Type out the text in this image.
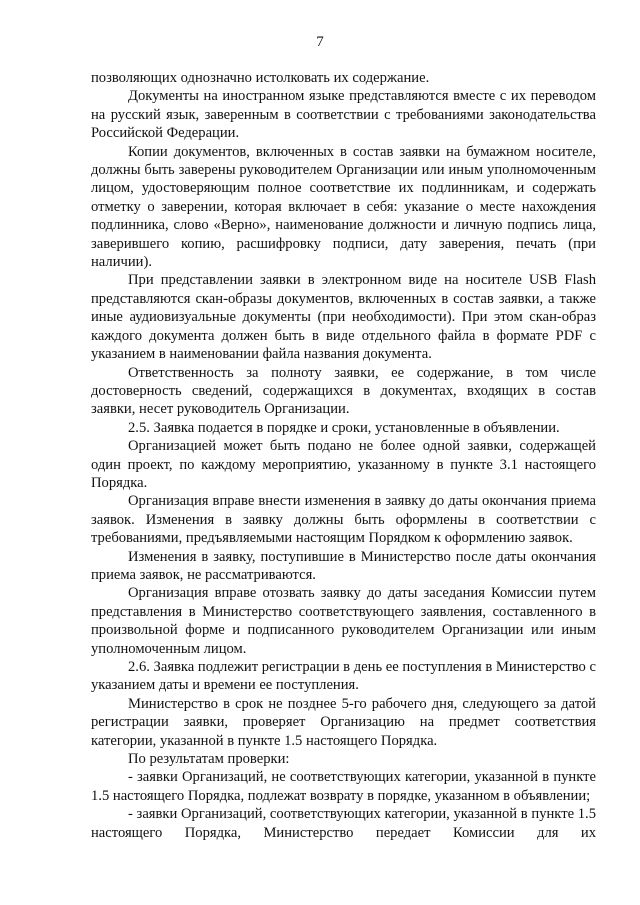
7

позволяющих однозначно истолковать их содержание.

Документы на иностранном языке представляются вместе с их переводом на русский язык, заверенным в соответствии с требованиями законодательства Российской Федерации.

Копии документов, включенных в состав заявки на бумажном носителе, должны быть заверены руководителем Организации или иным уполномоченным лицом, удостоверяющим полное соответствие их подлинникам, и содержать отметку о заверении, которая включает в себя: указание о месте нахождения подлинника, слово «Верно», наименование должности и личную подпись лица, заверившего копию, расшифровку подписи, дату заверения, печать (при наличии).

При представлении заявки в электронном виде на носителе USB Flash представляются скан-образы документов, включенных в состав заявки, а также иные аудиовизуальные документы (при необходимости). При этом скан-образ каждого документа должен быть в виде отдельного файла в формате PDF с указанием в наименовании файла названия документа.

Ответственность за полноту заявки, ее содержание, в том числе достоверность сведений, содержащихся в документах, входящих в состав заявки, несет руководитель Организации.

2.5. Заявка подается в порядке и сроки, установленные в объявлении.

Организацией может быть подано не более одной заявки, содержащей один проект, по каждому мероприятию, указанному в пункте 3.1 настоящего Порядка.

Организация вправе внести изменения в заявку до даты окончания приема заявок. Изменения в заявку должны быть оформлены в соответствии с требованиями, предъявляемыми настоящим Порядком к оформлению заявок.

Изменения в заявку, поступившие в Министерство после даты окончания приема заявок, не рассматриваются.

Организация вправе отозвать заявку до даты заседания Комиссии путем представления в Министерство соответствующего заявления, составленного в произвольной форме и подписанного руководителем Организации или иным уполномоченным лицом.

2.6. Заявка подлежит регистрации в день ее поступления в Министерство с указанием даты и времени ее поступления.

Министерство в срок не позднее 5-го рабочего дня, следующего за датой регистрации заявки, проверяет Организацию на предмет соответствия категории, указанной в пункте 1.5 настоящего Порядка.

По результатам проверки:

- заявки Организаций, не соответствующих категории, указанной в пункте 1.5 настоящего Порядка, подлежат возврату в порядке, указанном в объявлении;

- заявки Организаций, соответствующих категории, указанной в пункте 1.5 настоящего Порядка, Министерство передает Комиссии для их
